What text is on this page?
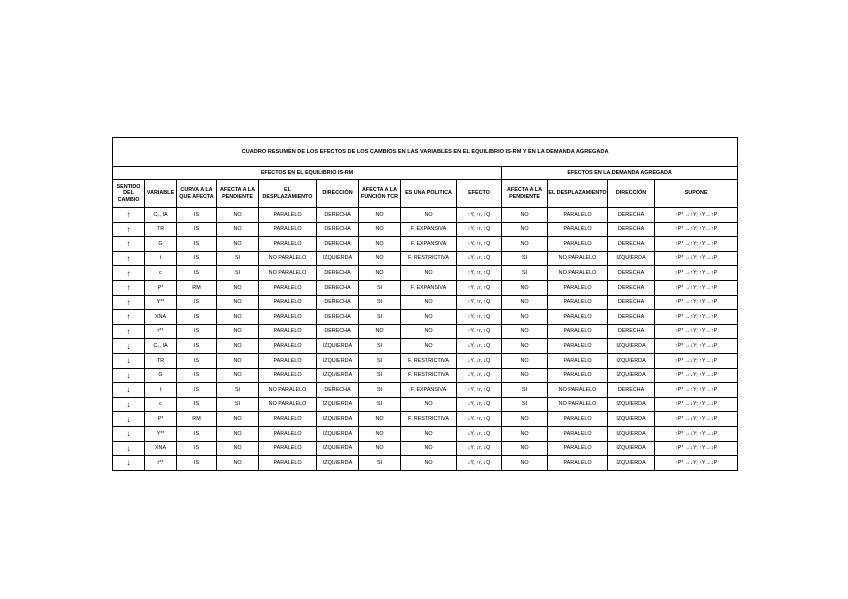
CUADRO RESUMEN DE LOS EFECTOS DE LOS CAMBIOS EN LAS VARIABLES EN EL EQUILIBRIO IS-RM Y EN LA DEMANDA AGREGADA												
EFECTOS EN EL EQUILIBRIO IS-RM									EFECTOS EN LA DEMANDA AGREGADA			
SENTIDO DEL CAMBIO	VARIABLE	CURVA A LA QUE AFECTA	AFECTA A LA PENDIENTE	EL DESPLAZAMIENTO	DIRECCIÓN	AFECTA A LA FUNCIÓN TCR	ES UNA POLITICA	EFECTO	AFECTA A LA PENDIENTE	EL DESPLAZAMIENTO	DIRECCIÓN	SUPONE
↑	C₀, IA	IS	NO	PARALELO	DERECHA	NO	NO	↑Y, ↑r, ↑Q	NO	PARALELO	DERECHA	↑P* →↑Y; ↑Y→↑P
↑	TR	IS	NO	PARALELO	DERECHA	NO	F. EXPANSIVA	↑Y, ↑r, ↑Q	NO	PARALELO	DERECHA	↑P* →↑Y; ↑Y→↑P
↑	G	IS	NO	PARALELO	DERECHA	NO	F. EXPANSIVA	↑Y, ↑r, ↑Q	NO	PARALELO	DERECHA	↑P* →↑Y; ↑Y→↑P
↑	t	IS	SI	NO PARALELO	IZQUIERDA	NO	F. RESTRICTIVA	↓Y, ↓r, ↓Q	SI	NO PARALELO	IZQUIERDA	↑P* →↓Y; ↑Y→↓P
↑	c	IS	SI	NO PARALELO	DERECHA	NO	NO	↑Y, ↑r, ↑Q	SI	NO PARALELO	DERECHA	↑P* →↑Y; ↑Y→↑P
↑	P*	RM	NO	PARALELO	DERECHA	SI	F. EXPANSIVA	↑Y, ↓r, ↑Q	NO	PARALELO	DERECHA	↑P* →↑Y; ↑Y→↑P
↑	Y**	IS	NO	PARALELO	DERECHA	SI	NO	↑Y, ↑r, ↑Q	NO	PARALELO	DERECHA	↑P* →↑Y; ↑Y→↑P
↑	XNA	IS	NO	PARALELO	DERECHA	SI	NO	↑Y, ↑r, ↑Q	NO	PARALELO	DERECHA	↑P* →↑Y; ↑Y→↑P
↑	r**	IS	NO	PARALELO	DERECHA	NO	NO	↑Y, ↑r, ↑Q	NO	PARALELO	DERECHA	↑P* →↑Y; ↑Y→↑P
↓	C₀, IA	IS	NO	PARALELO	IZQUIERDA	SI	NO	↓Y, ↓r, ↓Q	NO	PARALELO	IZQUIERDA	↑P* →↓Y; ↑Y→↓P
↓	TR	IS	NO	PARALELO	IZQUIERDA	SI	F. RESTRICTIVA	↓Y, ↓r, ↓Q	NO	PARALELO	IZQUIERDA	↑P* →↓Y; ↑Y→↓P
↓	G	IS	NO	PARALELO	IZQUIERDA	SI	F. RESTRICTIVA	↓Y, ↓r, ↓Q	NO	PARALELO	IZQUIERDA	↑P* →↓Y; ↑Y→↓P
↓	t	IS	SI	NO PARALELO	DERECHA	SI	F. EXPANSIVA	↑Y, ↑r, ↑Q	SI	NO PARALELO	DERECHA	↑P* →↑Y; ↑Y→↑P
↓	c	IS	SI	NO PARALELO	IZQUIERDA	SI	NO	↓Y, ↓r, ↓Q	SI	NO PARALELO	IZQUIERDA	↑P* →↓Y; ↑Y→↓P
↓	P*	RM	NO	PARALELO	IZQUIERDA	NO	F. RESTRICTIVA	↓Y, ↑r, ↑Q	NO	PARALELO	IZQUIERDA	↑P* →↓Y; ↑Y→↓P
↓	Y**	IS	NO	PARALELO	IZQUIERDA	NO	NO	↓Y, ↓r, ↓Q	NO	PARALELO	IZQUIERDA	↑P* →↓Y; ↑Y→↓P
↓	XNA	IS	NO	PARALELO	IZQUIERDA	NO	NO	↓Y, ↓r, ↓Q	NO	PARALELO	IZQUIERDA	↑P* →↓Y; ↑Y→↓P
↓	r**	IS	NO	PARALELO	IZQUIERDA	SI	NO	↓Y, ↑r, ↓Q	NO	PARALELO	IZQUIERDA	↑P* →↓Y; ↑Y→↓P
